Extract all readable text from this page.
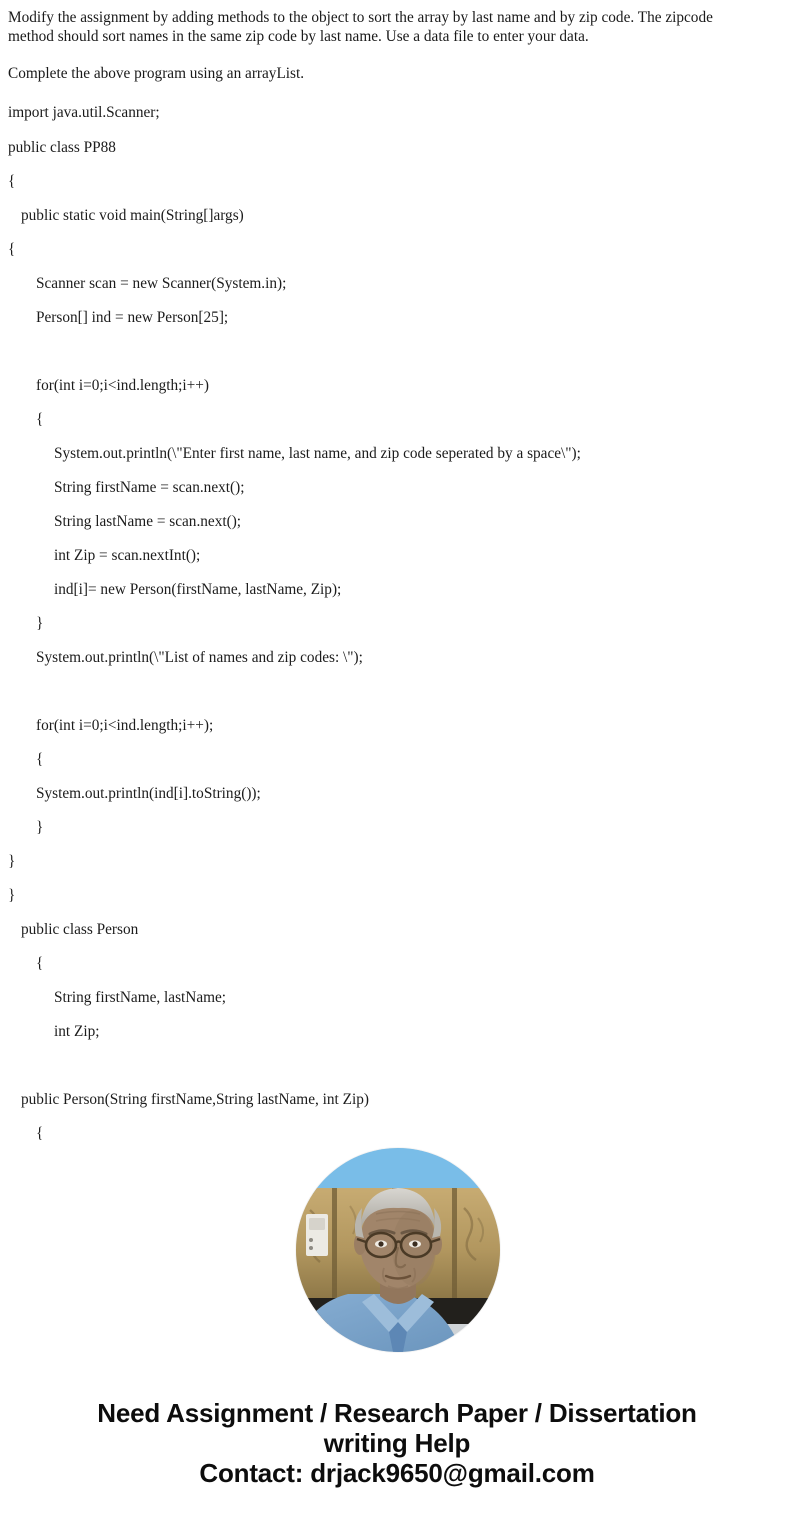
Modify the assignment by adding methods to the object to sort the array by last name and by zip code. The zipcode method should sort names in the same zip code by last name. Use a data file to enter your data.

Complete the above program using an arrayList.

import java.util.Scanner;

public class PP88
{
public static void main(String[]args)
{
Scanner scan = new Scanner(System.in);
Person[] ind = new Person[25];
for(int i=0;i<ind.length;i++)
{
System.out.println(\"Enter first name, last name, and zip code seperated by a space\");
String firstName = scan.next();
String lastName = scan.next();
int Zip = scan.nextInt();
ind[i]= new Person(firstName, lastName, Zip);
}
System.out.println(\"List of names and zip codes: \");
for(int i=0;i<ind.length;i++);
{
System.out.println(ind[i].toString());
}
}
}
public class Person
{
String firstName, lastName;
int Zip;
public Person(String firstName,String lastName, int Zip)
{
Need Assignment / Research Paper / Dissertation
writing Help
Contact: drjack9650@gmail.com
